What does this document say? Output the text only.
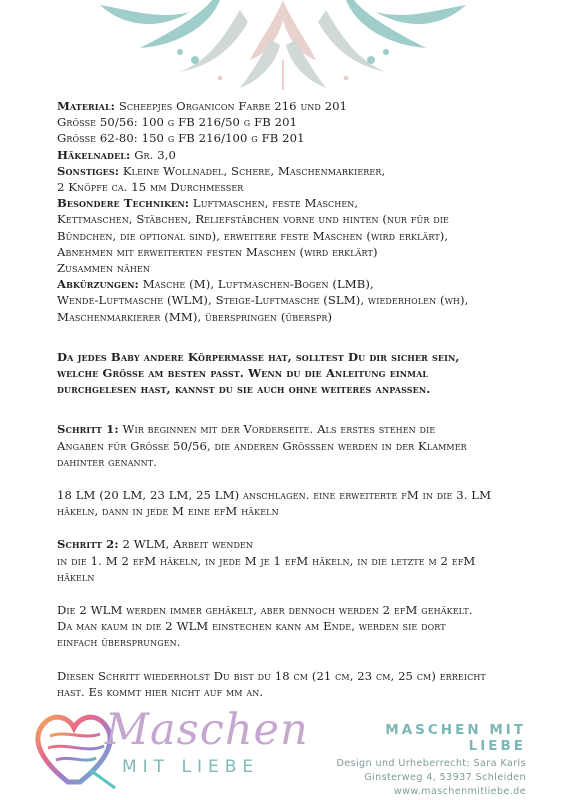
Material: Scheepjes Organicon Farbe 216 und 201

Grösse 50/56: 100 g FB 216/50 g FB 201

Grösse 62-80: 150 g FB 216/100 g FB 201

Häkelnadel: Gr. 3,0

Sonstiges: Kleine Wollnadel, Schere, Maschenmarkierer,

2 Knöpfe ca. 15 mm Durchmesser

Besondere Techniken: Luftmaschen, feste Maschen,

Kettmaschen, Stäbchen, Reliefstäbchen vorne und hinten (nur für die

Bündchen, die optional sind), erweitere feste Maschen (wird erklärt),

Abnehmen mit erweiterten festen Maschen (wird erklärt)

Zusammen nähen

Abkürzungen: Masche (M), Luftmaschen-Bogen (LMB),

Wende-Luftmasche (WLM), Steige-Luftmasche (SLM), wiederholen (wh),

Maschenmarkierer (MM), überspringen (überspr)

Da jedes Baby andere Körpermasse hat, solltest Du dir sicher sein,

welche Grösse am besten passt. Wenn du die Anleitung einmal

durchgelesen hast, kannst du sie auch ohne weiteres anpassen.

Schritt 1: Wir beginnen mit der Vorderseite. Als erstes stehen die

Angaben für Grösse 50/56, die anderen Grösssen werden in der Klammer

dahinter genannt.

18 LM (20 LM, 23 LM, 25 LM) anschlagen. eine erweiterte fM in die 3. LM

häkeln, dann in jede M eine efM häkeln

Schritt 2: 2 WLM, Arbeit wenden

in die 1. M 2 efM häkeln, in jede M je 1 efM häkeln, in die letzte m 2 efM

häkeln

Die 2 WLM werden immer gehäkelt, aber dennoch werden 2 efM gehäkelt.

Da man kaum in die 2 WLM einstechen kann am Ende, werden sie dort

einfach übersprungen.

Diesen Schritt wiederholst Du bist du 18 cm (21 cm, 23 cm, 25 cm) erreicht

hast. Es kommt hier nicht auf mm an.

Maschen
MIT LIEBE
MASCHEN MIT LIEBE
Design und Urheberrecht: Sara Karls
Ginsterweg 4, 53937 Schleiden
www.maschenmitliebe.de
